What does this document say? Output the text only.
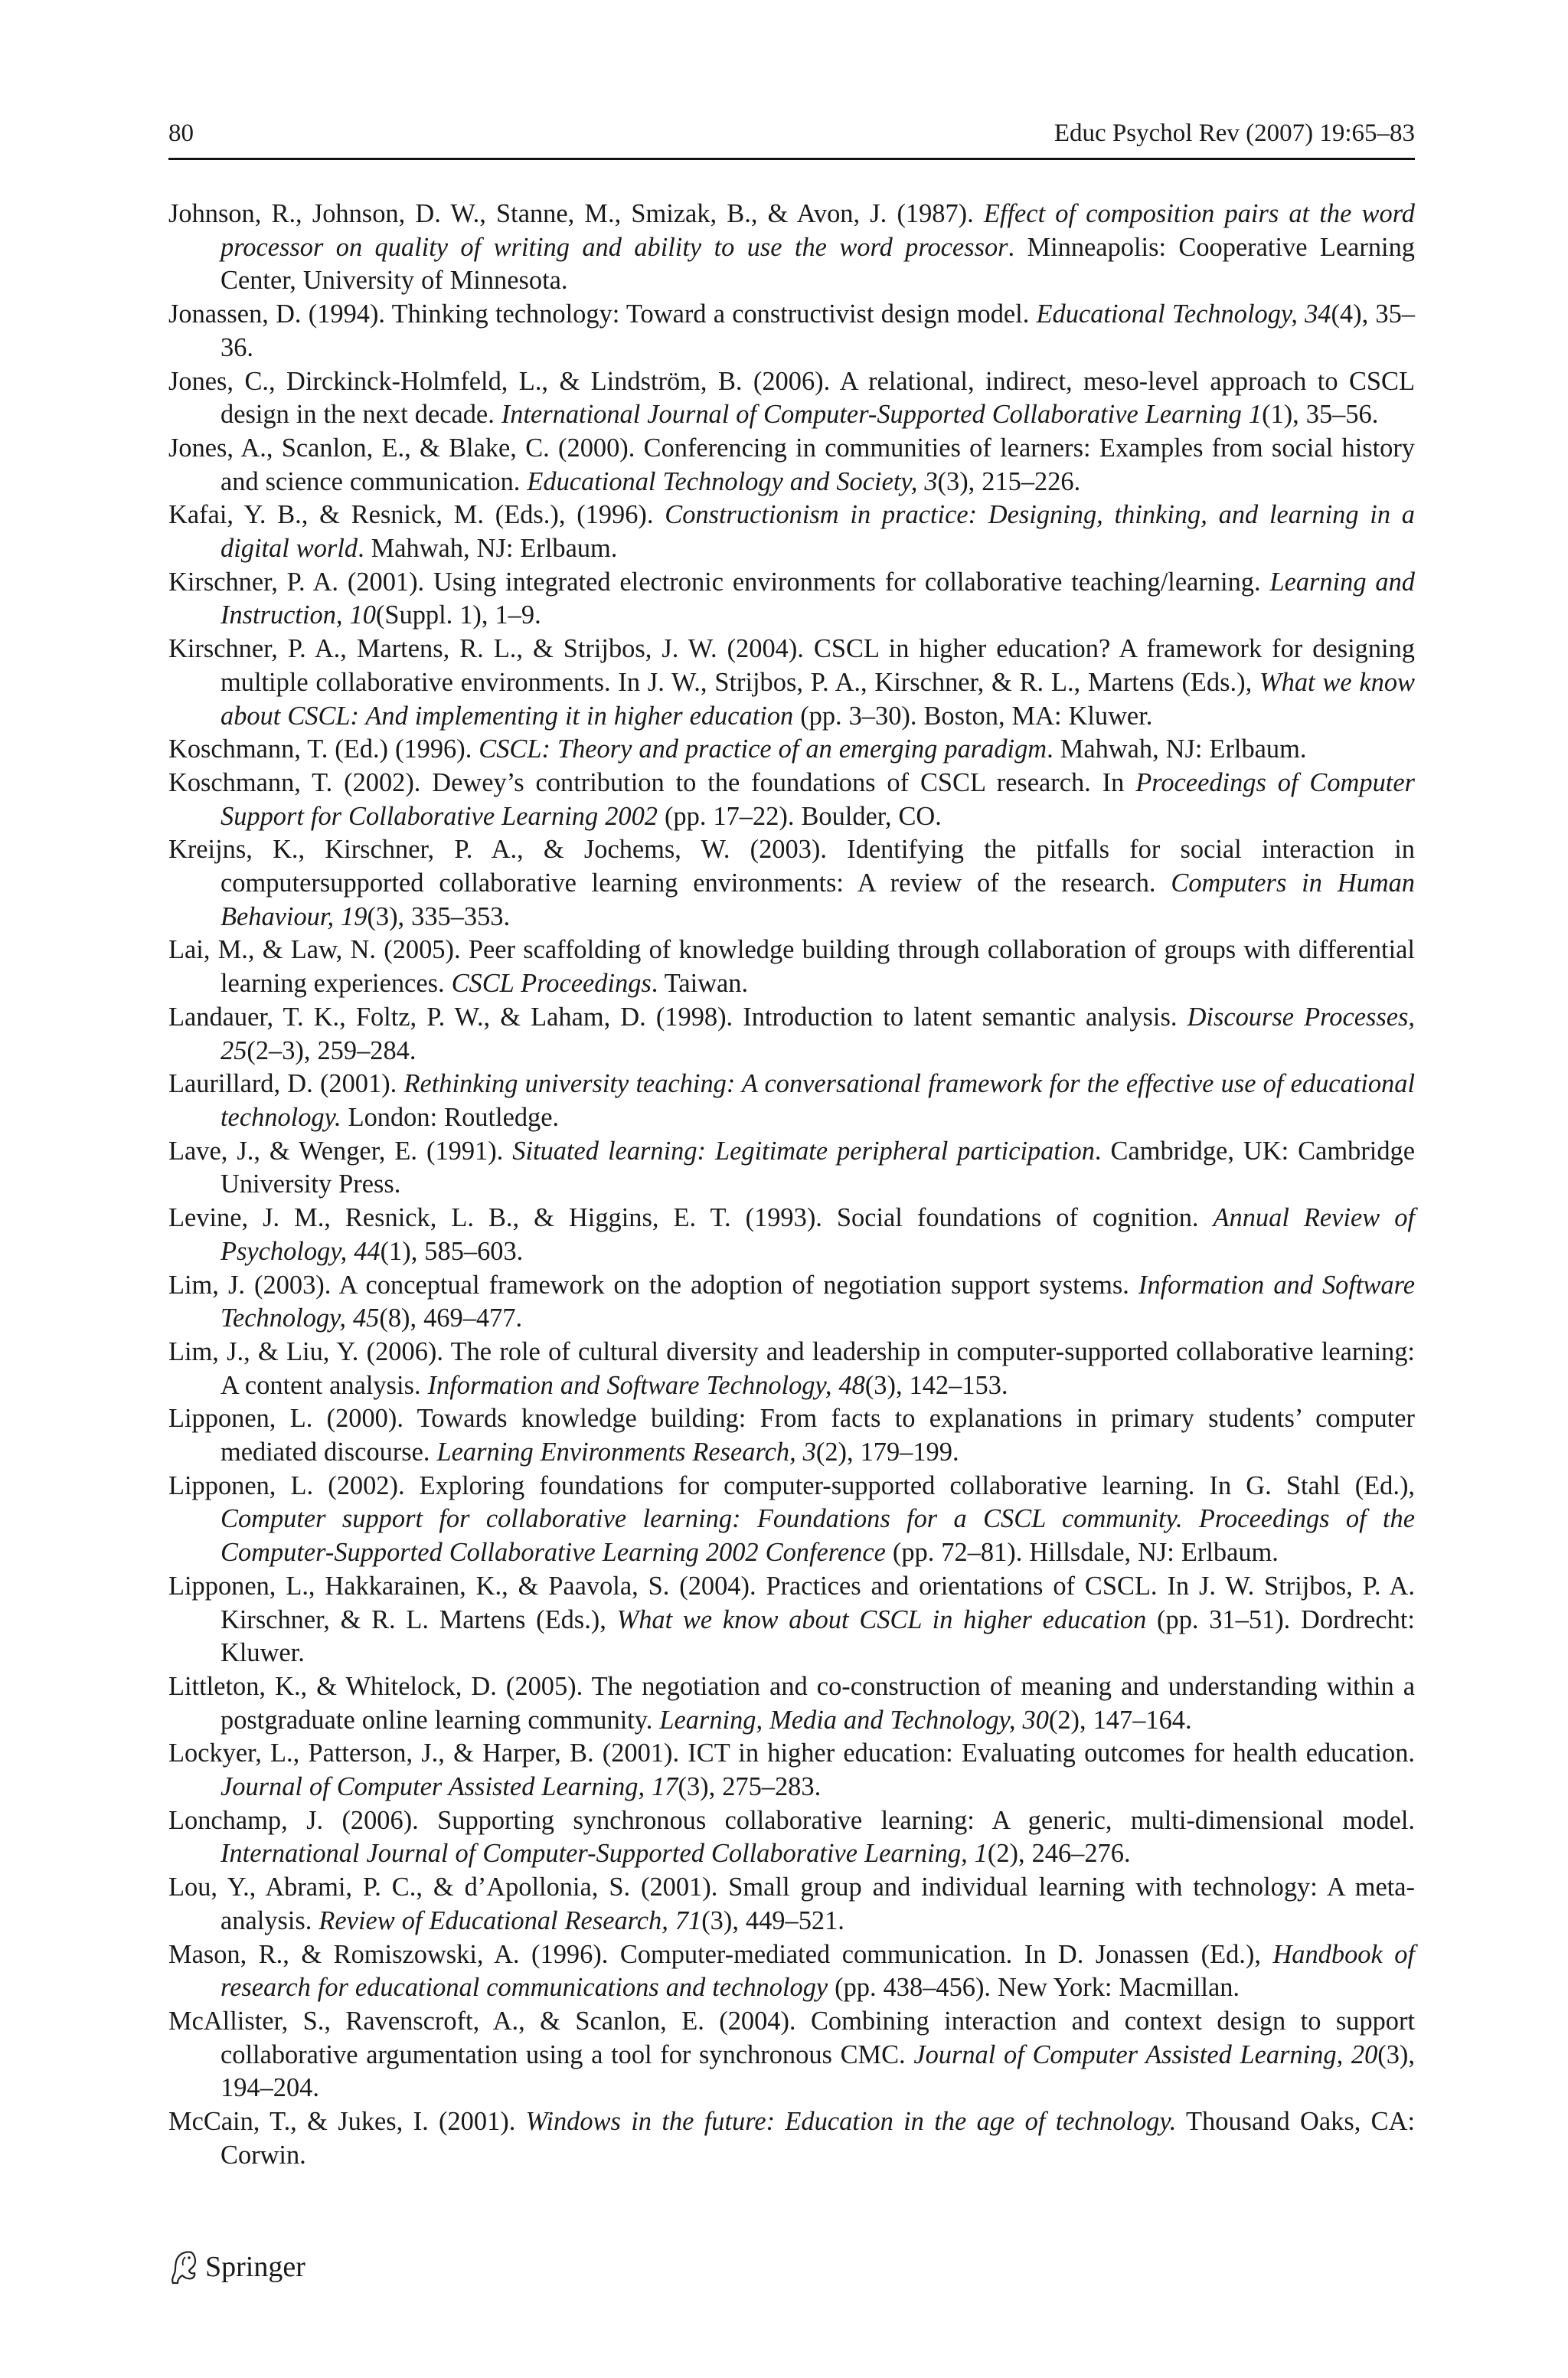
80	Educ Psychol Rev (2007) 19:65–83

Johnson, R., Johnson, D. W., Stanne, M., Smizak, B., & Avon, J. (1987). Effect of composition pairs at the word processor on quality of writing and ability to use the word processor. Minneapolis: Cooperative Learning Center, University of Minnesota.

Jonassen, D. (1994). Thinking technology: Toward a constructivist design model. Educational Technology, 34(4), 35–36.

Jones, C., Dirckinck-Holmfeld, L., & Lindström, B. (2006). A relational, indirect, meso-level approach to CSCL design in the next decade. International Journal of Computer-Supported Collaborative Learning 1(1), 35–56.

Jones, A., Scanlon, E., & Blake, C. (2000). Conferencing in communities of learners: Examples from social history and science communication. Educational Technology and Society, 3(3), 215–226.

Kafai, Y. B., & Resnick, M. (Eds.), (1996). Constructionism in practice: Designing, thinking, and learning in a digital world. Mahwah, NJ: Erlbaum.

Kirschner, P. A. (2001). Using integrated electronic environments for collaborative teaching/learning. Learning and Instruction, 10(Suppl. 1), 1–9.

Kirschner, P. A., Martens, R. L., & Strijbos, J. W. (2004). CSCL in higher education? A framework for designing multiple collaborative environments. In J. W., Strijbos, P. A., Kirschner, & R. L., Martens (Eds.), What we know about CSCL: And implementing it in higher education (pp. 3–30). Boston, MA: Kluwer.

Koschmann, T. (Ed.) (1996). CSCL: Theory and practice of an emerging paradigm. Mahwah, NJ: Erlbaum.

Koschmann, T. (2002). Dewey’s contribution to the foundations of CSCL research. In Proceedings of Computer Support for Collaborative Learning 2002 (pp. 17–22). Boulder, CO.

Kreijns, K., Kirschner, P. A., & Jochems, W. (2003). Identifying the pitfalls for social interaction in computersupported collaborative learning environments: A review of the research. Computers in Human Behaviour, 19(3), 335–353.

Lai, M., & Law, N. (2005). Peer scaffolding of knowledge building through collaboration of groups with differential learning experiences. CSCL Proceedings. Taiwan.

Landauer, T. K., Foltz, P. W., & Laham, D. (1998). Introduction to latent semantic analysis. Discourse Processes, 25(2–3), 259–284.

Laurillard, D. (2001). Rethinking university teaching: A conversational framework for the effective use of educational technology. London: Routledge.

Lave, J., & Wenger, E. (1991). Situated learning: Legitimate peripheral participation. Cambridge, UK: Cambridge University Press.

Levine, J. M., Resnick, L. B., & Higgins, E. T. (1993). Social foundations of cognition. Annual Review of Psychology, 44(1), 585–603.

Lim, J. (2003). A conceptual framework on the adoption of negotiation support systems. Information and Software Technology, 45(8), 469–477.

Lim, J., & Liu, Y. (2006). The role of cultural diversity and leadership in computer-supported collaborative learning: A content analysis. Information and Software Technology, 48(3), 142–153.

Lipponen, L. (2000). Towards knowledge building: From facts to explanations in primary students’ computer mediated discourse. Learning Environments Research, 3(2), 179–199.

Lipponen, L. (2002). Exploring foundations for computer-supported collaborative learning. In G. Stahl (Ed.), Computer support for collaborative learning: Foundations for a CSCL community. Proceedings of the Computer-Supported Collaborative Learning 2002 Conference (pp. 72–81). Hillsdale, NJ: Erlbaum.

Lipponen, L., Hakkarainen, K., & Paavola, S. (2004). Practices and orientations of CSCL. In J. W. Strijbos, P. A. Kirschner, & R. L. Martens (Eds.), What we know about CSCL in higher education (pp. 31–51). Dordrecht: Kluwer.

Littleton, K., & Whitelock, D. (2005). The negotiation and co-construction of meaning and understanding within a postgraduate online learning community. Learning, Media and Technology, 30(2), 147–164.

Lockyer, L., Patterson, J., & Harper, B. (2001). ICT in higher education: Evaluating outcomes for health education. Journal of Computer Assisted Learning, 17(3), 275–283.

Lonchamp, J. (2006). Supporting synchronous collaborative learning: A generic, multi-dimensional model. International Journal of Computer-Supported Collaborative Learning, 1(2), 246–276.

Lou, Y., Abrami, P. C., & d’Apollonia, S. (2001). Small group and individual learning with technology: A meta-analysis. Review of Educational Research, 71(3), 449–521.

Mason, R., & Romiszowski, A. (1996). Computer-mediated communication. In D. Jonassen (Ed.), Handbook of research for educational communications and technology (pp. 438–456). New York: Macmillan.

McAllister, S., Ravenscroft, A., & Scanlon, E. (2004). Combining interaction and context design to support collaborative argumentation using a tool for synchronous CMC. Journal of Computer Assisted Learning, 20(3), 194–204.

McCain, T., & Jukes, I. (2001). Windows in the future: Education in the age of technology. Thousand Oaks, CA: Corwin.

Springer
